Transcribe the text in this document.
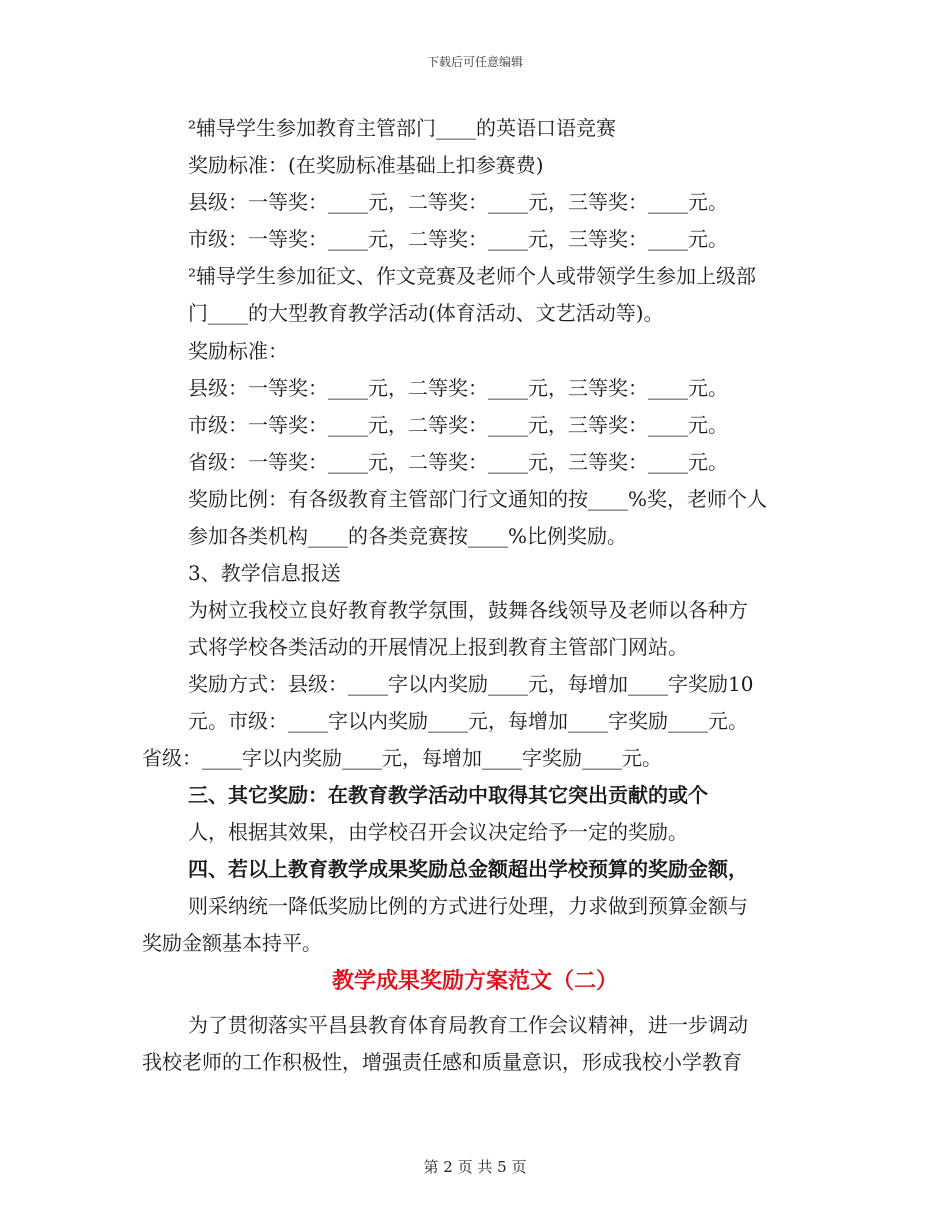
下载后可任意编辑
²辅导学生参加教育主管部门____的英语口语竞赛
奖励标准：(在奖励标准基础上扣参赛费)
县级：一等奖：____元，二等奖：____元，三等奖：____元。
市级：一等奖：____元，二等奖：____元，三等奖：____元。
²辅导学生参加征文、作文竞赛及老师个人或带领学生参加上级部
门____的大型教育教学活动(体育活动、文艺活动等)。
奖励标准：
县级：一等奖：____元，二等奖：____元，三等奖：____元。
市级：一等奖：____元，二等奖：____元，三等奖：____元。
省级：一等奖：____元，二等奖：____元，三等奖：____元。
奖励比例：有各级教育主管部门行文通知的按____%奖，老师个人
参加各类机构____的各类竞赛按____%比例奖励。
3、教学信息报送
为树立我校立良好教育教学氛围，鼓舞各线领导及老师以各种方
式将学校各类活动的开展情况上报到教育主管部门网站。
奖励方式：县级：____字以内奖励____元，每增加____字奖励10
元。市级：____字以内奖励____元，每增加____字奖励____元。
省级：____字以内奖励____元，每增加____字奖励____元。
三、其它奖励：在教育教学活动中取得其它突出贡献的或个
人，根据其效果，由学校召开会议决定给予一定的奖励。
四、若以上教育教学成果奖励总金额超出学校预算的奖励金额，
则采纳统一降低奖励比例的方式进行处理，力求做到预算金额与
奖励金额基本持平。
教学成果奖励方案范文（二）
为了贯彻落实平昌县教育体育局教育工作会议精神，进一步调动
我校老师的工作积极性，增强责任感和质量意识，形成我校小学教育
第 2 页 共 5 页
